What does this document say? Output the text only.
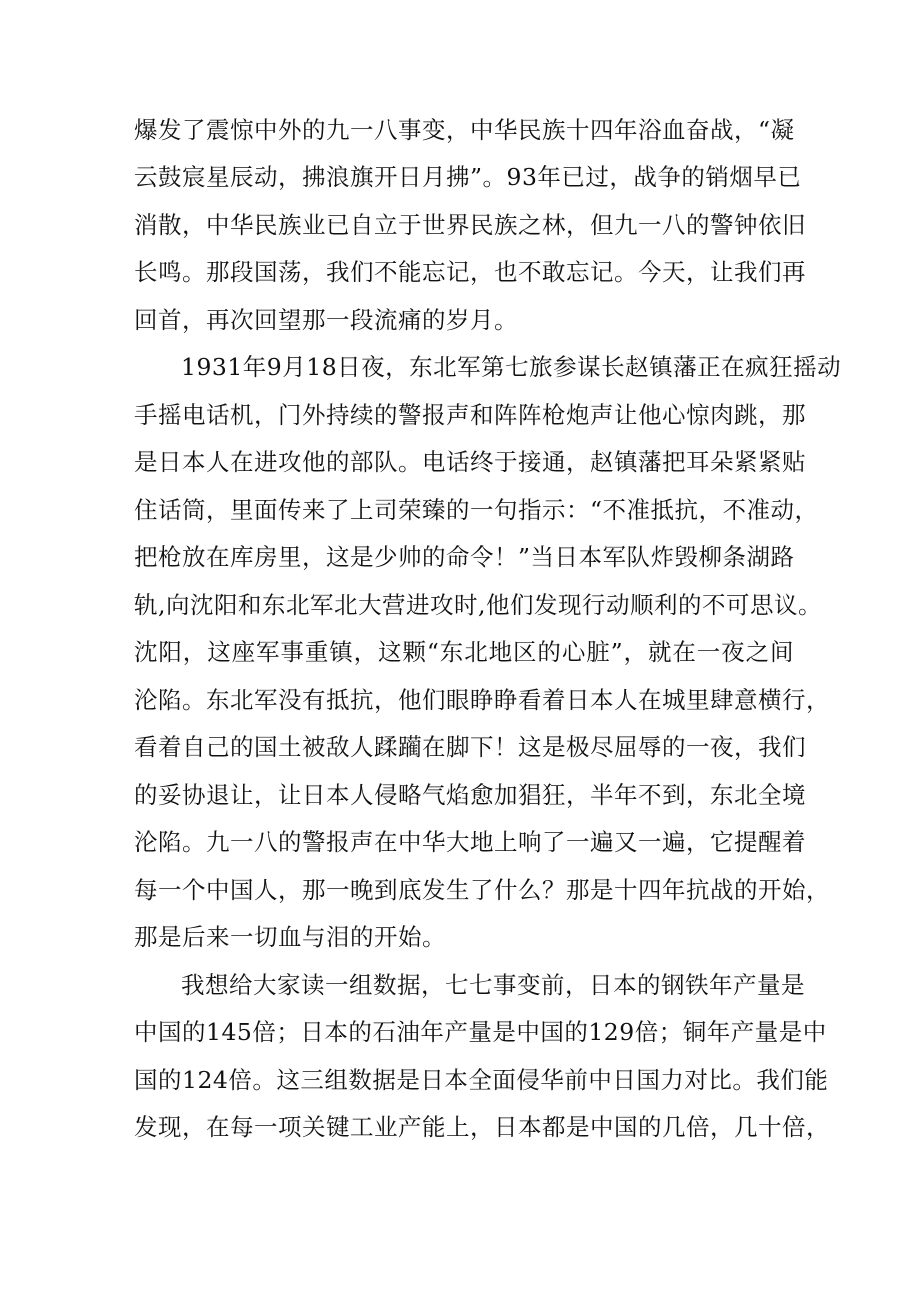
爆发了震惊中外的九一八事变，中华民族十四年浴血奋战，“凝
云鼓宸星辰动，拂浪旗开日月拂”。93年已过，战争的销烟早已
消散，中华民族业已自立于世界民族之林，但九一八的警钟依旧
长鸣。那段国荡，我们不能忘记，也不敢忘记。今天，让我们再
回首，再次回望那一段流痛的岁月。
1931年9月18日夜，东北军第七旅参谋长赵镇藩正在疯狂摇动
手摇电话机，门外持续的警报声和阵阵枪炮声让他心惊肉跳，那
是日本人在进攻他的部队。电话终于接通，赵镇藩把耳朵紧紧贴
住话筒，里面传来了上司荣臻的一句指示：“不准抵抗，不准动，
把枪放在库房里，这是少帅的命令！”当日本军队炸毁柳条湖路
轨,向沈阳和东北军北大营进攻时,他们发现行动顺利的不可思议。
沈阳，这座军事重镇，这颗“东北地区的心脏”，就在一夜之间
沦陷。东北军没有抵抗，他们眼睁睁看着日本人在城里肆意横行，
看着自己的国土被敌人蹂躏在脚下！这是极尽屈辱的一夜，我们
的妥协退让，让日本人侵略气焰愈加猖狂，半年不到，东北全境
沦陷。九一八的警报声在中华大地上响了一遍又一遍，它提醒着
每一个中国人，那一晚到底发生了什么？那是十四年抗战的开始，
那是后来一切血与泪的开始。
我想给大家读一组数据，七七事变前，日本的钢铁年产量是
中国的145倍；日本的石油年产量是中国的129倍；铜年产量是中
国的124倍。这三组数据是日本全面侵华前中日国力对比。我们能
发现，在每一项关键工业产能上，日本都是中国的几倍，几十倍，
